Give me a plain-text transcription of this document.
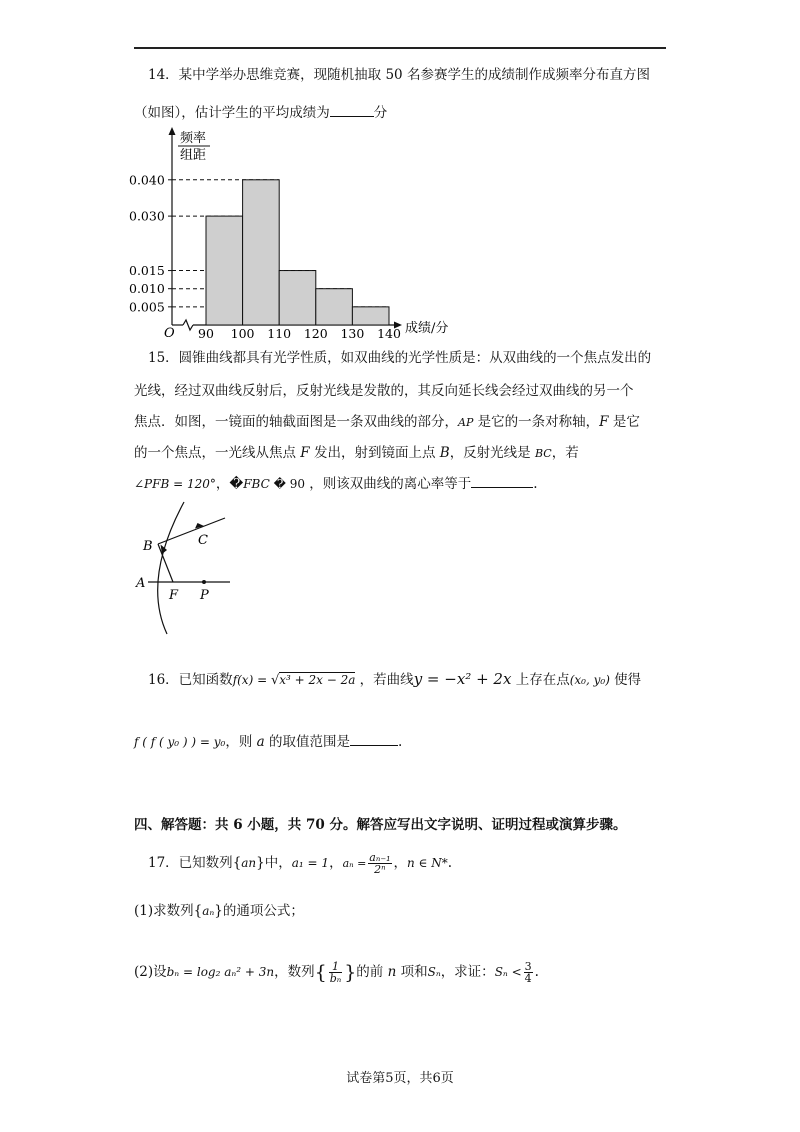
14．某中学举办思维竞赛，现随机抽取 50 名参赛学生的成绩制作成频率分布直方图
（如图），估计学生的平均成绩为	分
频率
组距
O	成绩/分
0.040
0.030
0.015
0.010
0.005
90 100 110 120 130 140
15．圆锥曲线都具有光学性质，如双曲线的光学性质是：从双曲线的一个焦点发出的
光线，经过双曲线反射后，反射光线是发散的，其反向延长线会经过双曲线的另一个
焦点．如图，一镜面的轴截面图是一条双曲线的部分，AP 是它的一条对称轴，F 是它
的一个焦点，一光线从焦点 F 发出，射到镜面上点 B，反射光线是 BC，若
∠PFB = 120°，�FBC � 90 ，则该双曲线的离心率等于	.
B	C
A
F P
16．已知函数f(x) = √x³ + 2x − 2a ，若曲线y = −x² + 2x 上存在点(x₀, y₀) 使得
f ( f ( y₀ ) ) = y₀，则 a 的取值范围是	.
四、解答题：共 6 小题，共 70 分。解答应写出文字说明、证明过程或演算步骤。
17．已知数列{an}中，a₁ = 1，$a_n = \frac{\text{aₙ₋₁}}{\text{2ⁿ}}$ ，n ∈ N*.
(1)求数列{aₙ}的通项公式；
(2)设bₙ = log₂ aₙ² + 3n，数列{ $\frac{1}{\text{bₙ}}$ }的前 n 项和Sₙ，求证：$S_n < \frac{3}{4}$ .
试卷第5页，共6页
